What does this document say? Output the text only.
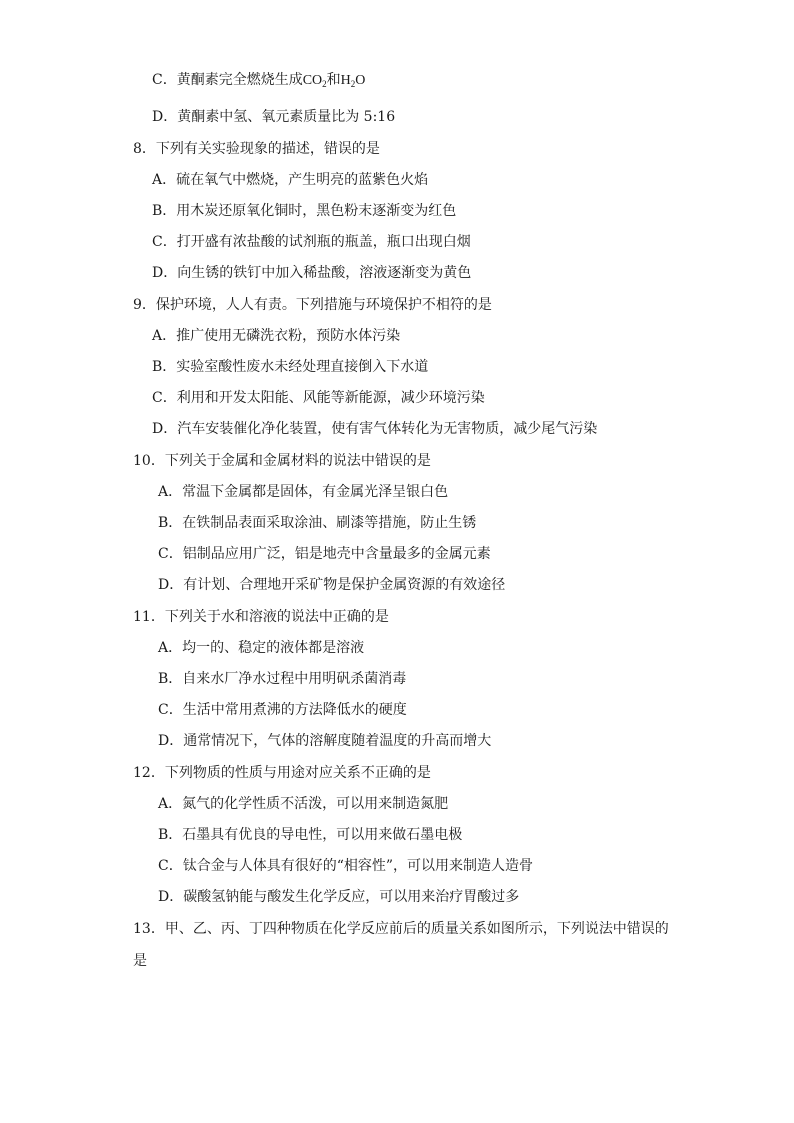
C．黄酮素完全燃烧生成$CO_2$和$H_2O$
D．黄酮素中氢、氧元素质量比为 5:16
8．下列有关实验现象的描述，错误的是
A．硫在氧气中燃烧，产生明亮的蓝紫色火焰
B．用木炭还原氧化铜时，黑色粉末逐渐变为红色
C．打开盛有浓盐酸的试剂瓶的瓶盖，瓶口出现白烟
D．向生锈的铁钉中加入稀盐酸，溶液逐渐变为黄色
9．保护环境，人人有责。下列措施与环境保护不相符的是
A．推广使用无磷洗衣粉，预防水体污染
B．实验室酸性废水未经处理直接倒入下水道
C．利用和开发太阳能、风能等新能源，减少环境污染
D．汽车安装催化净化装置，使有害气体转化为无害物质，减少尾气污染
10．下列关于金属和金属材料的说法中错误的是
A．常温下金属都是固体，有金属光泽呈银白色
B．在铁制品表面采取涂油、刷漆等措施，防止生锈
C．铝制品应用广泛，铝是地壳中含量最多的金属元素
D．有计划、合理地开采矿物是保护金属资源的有效途径
11．下列关于水和溶液的说法中正确的是
A．均一的、稳定的液体都是溶液
B．自来水厂净水过程中用明矾杀菌消毒
C．生活中常用煮沸的方法降低水的硬度
D．通常情况下，气体的溶解度随着温度的升高而增大
12．下列物质的性质与用途对应关系不正确的是
A．氮气的化学性质不活泼，可以用来制造氮肥
B．石墨具有优良的导电性，可以用来做石墨电极
C．钛合金与人体具有很好的“相容性”，可以用来制造人造骨
D．碳酸氢钠能与酸发生化学反应，可以用来治疗胃酸过多
13．甲、乙、丙、丁四种物质在化学反应前后的质量关系如图所示，下列说法中错误的
是
